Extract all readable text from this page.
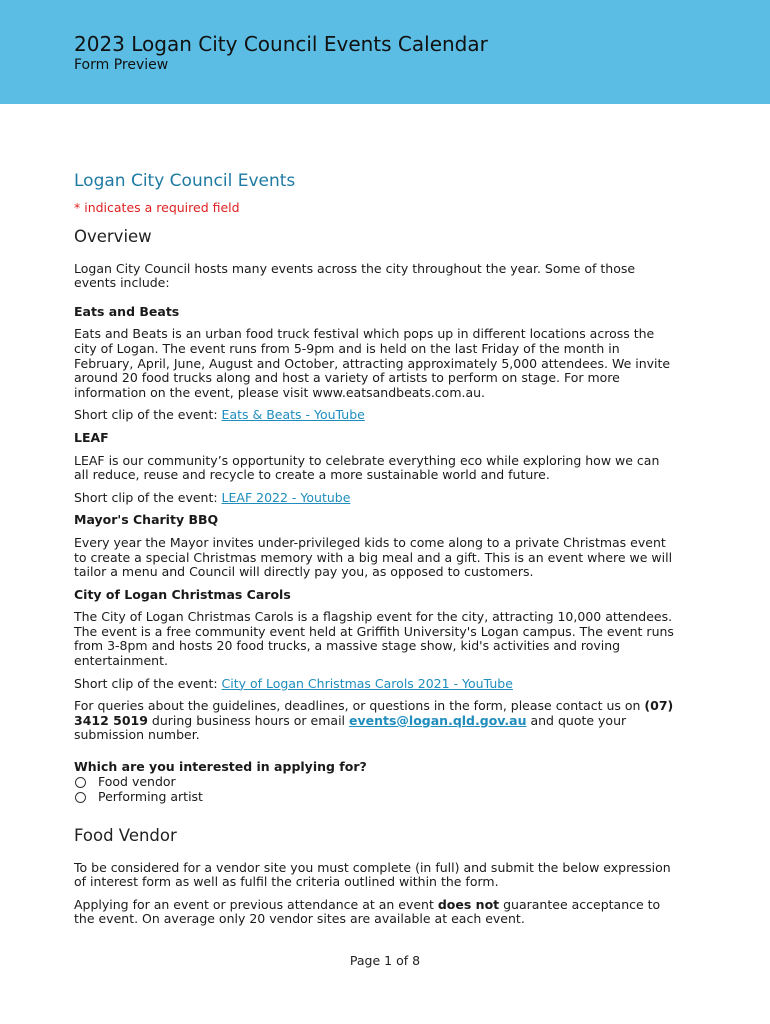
2023 Logan City Council Events Calendar
Form Preview
Logan City Council Events
* indicates a required field
Overview

Logan City Council hosts many events across the city throughout the year. Some of those events include:

Eats and Beats

Eats and Beats is an urban food truck festival which pops up in different locations across the city of Logan. The event runs from 5-9pm and is held on the last Friday of the month in February, April, June, August and October, attracting approximately 5,000 attendees. We invite around 20 food trucks along and host a variety of artists to perform on stage. For more information on the event, please visit www.eatsandbeats.com.au.

Short clip of the event: Eats & Beats - YouTube

LEAF

LEAF is our community’s opportunity to celebrate everything eco while exploring how we can all reduce, reuse and recycle to create a more sustainable world and future.

Short clip of the event: LEAF 2022 - Youtube

Mayor's Charity BBQ

Every year the Mayor invites under-privileged kids to come along to a private Christmas event to create a special Christmas memory with a big meal and a gift. This is an event where we will tailor a menu and Council will directly pay you, as opposed to customers.

City of Logan Christmas Carols

The City of Logan Christmas Carols is a flagship event for the city, attracting 10,000 attendees. The event is a free community event held at Griffith University's Logan campus. The event runs from 3-8pm and hosts 20 food trucks, a massive stage show, kid's activities and roving entertainment.

Short clip of the event: City of Logan Christmas Carols 2021 - YouTube

For queries about the guidelines, deadlines, or questions in the form, please contact us on (07) 3412 5019 during business hours or email events@logan.qld.gov.au and quote your submission number.

Which are you interested in applying for?

Food vendor
Performing artist
Food Vendor

To be considered for a vendor site you must complete (in full) and submit the below expression of interest form as well as fulfil the criteria outlined within the form.

Applying for an event or previous attendance at an event does not guarantee acceptance to the event. On average only 20 vendor sites are available at each event.

Page 1 of 8
